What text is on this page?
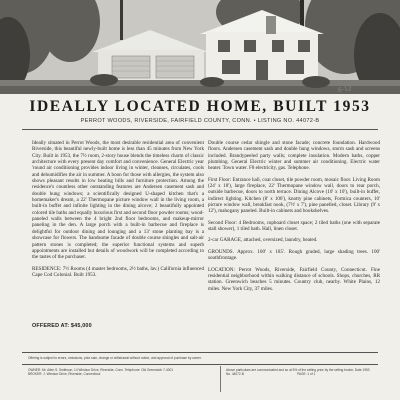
6-12
IDEALLY LOCATED HOME, BUILT 1953
PERROT WOODS, RIVERSIDE, FAIRFIELD COUNTY, CONN. • LISTING NO. 44072-B

Ideally situated in Perrot Woods, the most desirable residential area of convenient Riverside, this beautiful newly-built home is less than 45 minutes from New York City. Built in 1953, the 7½ room, 2-story house blends the timeless charm of classic architecture with every present day comfort and convenience. General Electric year 'round air conditioning provides indoor living in winter, cleanses, circulates, cools and dehumidifies the air in summer. A boon for those with allergies, the system also shows pleasant results in low heating bills and furniture protection. Among the residence's countless other outstanding features are Andersen casement sash and double hung windows; a scientifically designed U-shaped kitchen that's a homemaker's dream, a 22' Thermopane picture window wall in the living room, a built-in buffet and infinite lighting in the dining alcove; 2 beautifully appointed colored tile baths and equally luxurious first and second floor powder rooms; wood-paneled walls between the 4 bright 2nd floor bedrooms, and makeup-mirror paneling in the den. A large porch with a built-in barbecue and fireplace is delightful for outdoor dining and lounging and a 13' stone planting bay is a showcase for flowers. The handsome facade of double course shingles and salt-air pattern stones is completed; the superior functional systems and superb appointments are installed but details of woodwork will be completed according to the tastes of the purchaser.

RESIDENCE: 7½ Rooms (4 master bedrooms, 2½ baths, lav.) California influenced Cape Cod Colonial. Built 1953.

Double course cedar shingle and stone facade; concrete foundation. Hardwood floors. Andersen casement sash and double hung windows, storm sash and screens included. Brandypeeled party walls; complete insulation. Modern baths, copper plumbing. General Electric winter and summer air conditioning. Electric water heater. Town water. F8 electricity, gas. Telephone.

First Floor: Entrance hall, coat closet, tile powder room, mosaic floor. Living Room (24' x 18'), large fireplace, 22' Thermopane window wall, doors to rear porch, outside barbecue, doors to north terrace. Dining Alcove (10' x 10'), built-in buffet, indirect lighting. Kitchen (8' x 106'), knotty pine cabinets, Formica counters, 10' picture window wall, breakfast nook, (7½' x 7'), pine panelled, closet. Library (9' x 12'), mahogany paneled. Built-in cabinets and bookshelves.

Second Floor: 4 Bedrooms, cupboard closet space; 2 tiled baths (one with separate stall shower), 1 tiled bath. Hall, linen closet.

2-car GARAGE, attached, oversized, laundry, heated.

GROUNDS. Approx. 100' x 185'. Rough graded, large shading trees. 100' southfrontage.

LOCATION: Perrot Woods, Riverside, Fairfield County, Connecticut. Fine residential neighborhood within walking distance of schools. Shops, churches, RR station. Greenwich beaches 5 minutes. Country club, nearby. White Plains, 12 miles. New York City, 37 miles.

OFFERED AT: $45,000
Offering is subject to errors, omissions, prior sale, change or withdrawal without notice, and approval of purchase by owner.
OWNER: Mr. Allen S. Smithson, 14 Windsor Drive, Riverside, Conn. Telephone: Old Greenwich 7-4001
BROKER: J. Windsor Drive, Riverside, Connecticut
Above particulars are communicated and so at 5% of the selling price by the selling broker, Date 1953
No. 44072-B	PAGE: 1 of 1
